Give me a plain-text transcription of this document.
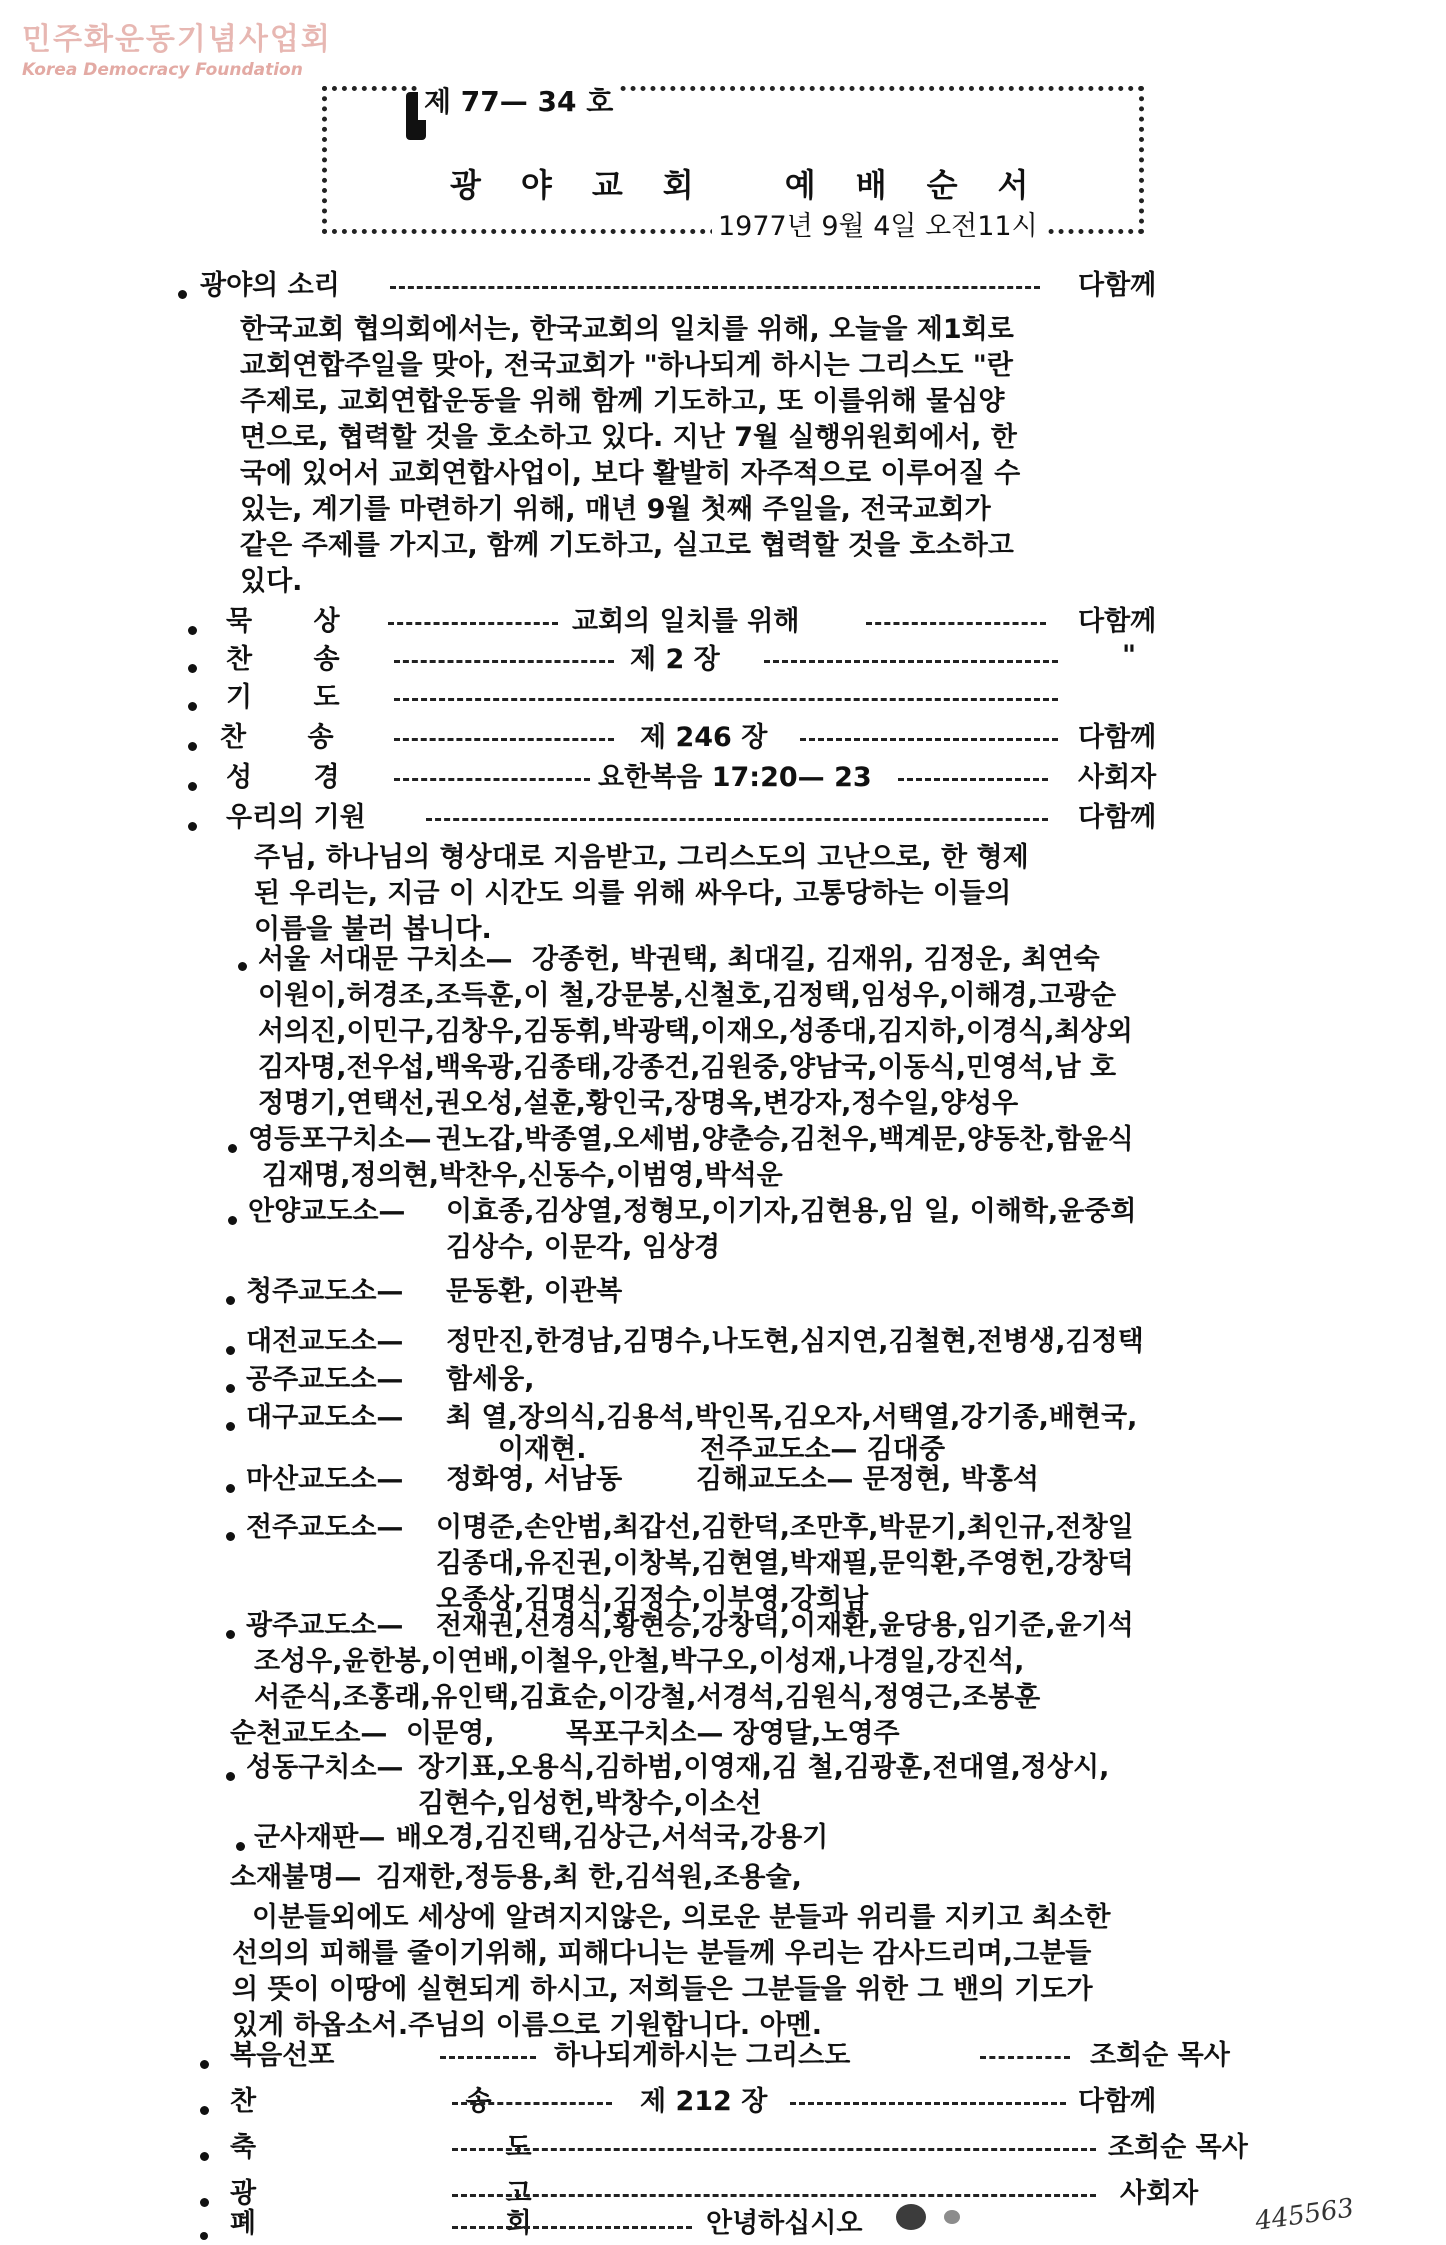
민주화운동기념사업회
Korea Democracy Foundation
제 77— 34 호
광야교회 예배순서
1977년 9월 4일 오전11시
광야의 소리	다함께
한국교회 협의회에서는, 한국교회의 일치를 위해, 오늘을 제1회로
교회연합주일을 맞아, 전국교회가 "하나되게 하시는 그리스도 "란
주제로, 교회연합운동을 위해 함께 기도하고, 또 이를위해 물심양
면으로, 협력할 것을 호소하고 있다. 지난 7월 실행위원회에서, 한
국에 있어서 교회연합사업이, 보다 활발히 자주적으로 이루어질 수
있는, 계기를 마련하기 위해, 매년 9월 첫째 주일을, 전국교회가
같은 주제를 가지고, 함께 기도하고, 실고로 협력할 것을 호소하고
있다.
묵 상	교회의 일치를 위해	다함께
찬 송	제 2 장	"
기 도
찬 송	제 246 장	다함께
성 경	요한복음 17:20— 23	사회자
우리의 기원	다함께
주님, 하나님의 형상대로 지음받고, 그리스도의 고난으로, 한 형제
된 우리는, 지금 이 시간도 의를 위해 싸우다, 고통당하는 이들의
이름을 불러 봅니다.
서울 서대문 구치소— 강종헌, 박권택, 최대길, 김재위, 김정운, 최연숙
이원이,허경조,조득훈,이 철,강문봉,신철호,김정택,임성우,이해경,고광순
서의진,이민구,김창우,김동휘,박광택,이재오,성종대,김지하,이경식,최상외
김자명,전우섭,백욱광,김종태,강종건,김원중,양남국,이동식,민영석,남 호
정명기,연택선,권오성,설훈,황인국,장명옥,변강자,정수일,양성우
영등포구치소— 권노갑,박종열,오세범,양춘승,김천우,백계문,양동찬,함윤식
김재명,정의현,박찬우,신동수,이범영,박석운
안양교도소— 이효종,김상열,정형모,이기자,김현용,임 일, 이해학,윤중희
김상수, 이문각, 임상경
청주교도소— 문동환, 이관복
대전교도소— 정만진,한경남,김명수,나도현,심지연,김철현,전병생,김정택
공주교도소— 함세웅,
대구교도소— 최 열,장의식,김용석,박인목,김오자,서택열,강기종,배현국,
이재현.	전주교도소— 김대중
마산교도소— 정화영, 서남동	김해교도소— 문정현, 박홍석
전주교도소— 이명준,손안범,최갑선,김한덕,조만후,박문기,최인규,전창일
김종대,유진권,이창복,김현열,박재필,문익환,주영헌,강창덕
오종상,김명식,김정수,이부영,강희남
광주교도소— 전재권,선경식,황현승,강창덕,이재환,윤당용,임기준,윤기석
조성우,윤한봉,이연배,이철우,안철,박구오,이성재,나경일,강진석,
서준식,조홍래,유인택,김효순,이강철,서경석,김원식,정영근,조봉훈
순천교도소— 이문영,	목포구치소— 장영달,노영주
성동구치소— 장기표,오용식,김하범,이영재,김 철,김광훈,전대열,정상시,
김현수,임성헌,박창수,이소선
군사재판— 배오경,김진택,김상근,서석국,강용기
소재불명— 김재한,정등용,최 한,김석원,조용술,
이분들외에도 세상에 알려지지않은, 의로운 분들과 위리를 지키고 최소한
선의의 피해를 줄이기위해, 피해다니는 분들께 우리는 감사드리며,그분들
의 뜻이 이땅에 실현되게 하시고, 저희들은 그분들을 위한 그 밴의 기도가
있게 하옵소서.주님의 이름으로 기원합니다. 아멘.
복음선포	하나되게하시는 그리스도	조희순 목사
찬 송 제 212 장	다함께
축 도	조희순 목사
광 고	사회자
폐 회 안녕하십시오	445563
